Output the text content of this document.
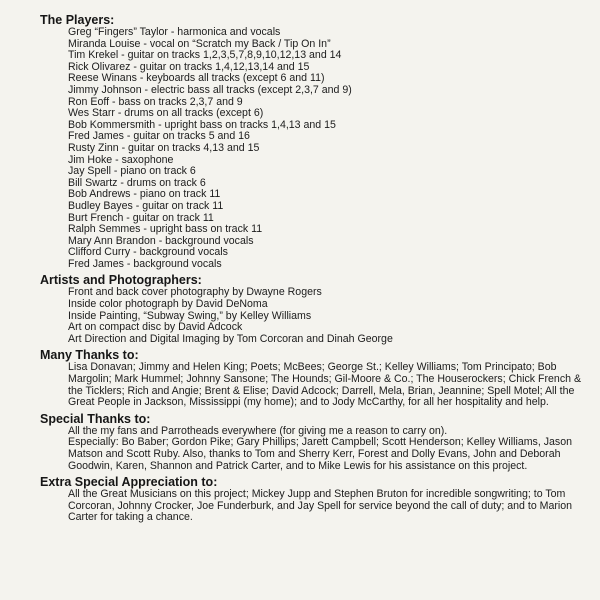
The Players:
Greg “Fingers” Taylor - harmonica and vocals
Miranda Louise - vocal on “Scratch my Back / Tip On In”
Tim Krekel - guitar on tracks 1,2,3,5,7,8,9,10,12,13 and 14
Rick Olivarez - guitar on tracks 1,4,12,13,14 and 15
Reese Winans - keyboards all tracks (except 6 and 11)
Jimmy Johnson - electric bass all tracks (except 2,3,7 and 9)
Ron Eoff - bass on tracks 2,3,7 and 9
Wes Starr - drums on all tracks (except 6)
Bob Kommersmith - upright bass on tracks 1,4,13 and 15
Fred James - guitar on tracks 5 and 16
Rusty Zinn - guitar on tracks 4,13 and 15
Jim Hoke - saxophone
Jay Spell - piano on track 6
Bill Swartz - drums on track 6
Bob Andrews - piano on track 11
Budley Bayes - guitar on track 11
Burt French - guitar on track 11
Ralph Semmes - upright bass on track 11
Mary Ann Brandon - background vocals
Clifford Curry - background vocals
Fred James - background vocals
Artists and Photographers:
Front and back cover photography by Dwayne Rogers
Inside color photograph by David DeNoma
Inside Painting, “Subway Swing,” by Kelley Williams
Art on compact disc by David Adcock
Art Direction and Digital Imaging by Tom Corcoran and Dinah George
Many Thanks to:

Lisa Donavan; Jimmy and Helen King; Poets; McBees; George St.; Kelley Williams; Tom Principato; Bob Margolin; Mark Hummel; Johnny Sansone; The Hounds; Gil-Moore & Co.; The Houserockers; Chick French & the Ticklers; Rich and Angie; Brent & Elise; David Adcock; Darrell, Mela, Brian, Jeannine; Spell Motel; All the Great People in Jackson, Mississippi (my home); and to Jody McCarthy, for all her hospitality and help.

Special Thanks to:

All the my fans and Parrotheads everywhere (for giving me a reason to carry on).

Especially: Bo Baber; Gordon Pike; Gary Phillips; Jarett Campbell; Scott Henderson; Kelley Williams, Jason Matson and Scott Ruby. Also, thanks to Tom and Sherry Kerr, Forest and Dolly Evans, John and Deborah Goodwin, Karen, Shannon and Patrick Carter, and to Mike Lewis for his assistance on this project.

Extra Special Appreciation to:

All the Great Musicians on this project; Mickey Jupp and Stephen Bruton for incredible songwriting; to Tom Corcoran, Johnny Crocker, Joe Funderburk, and Jay Spell for service beyond the call of duty; and to Marion Carter for taking a chance.
